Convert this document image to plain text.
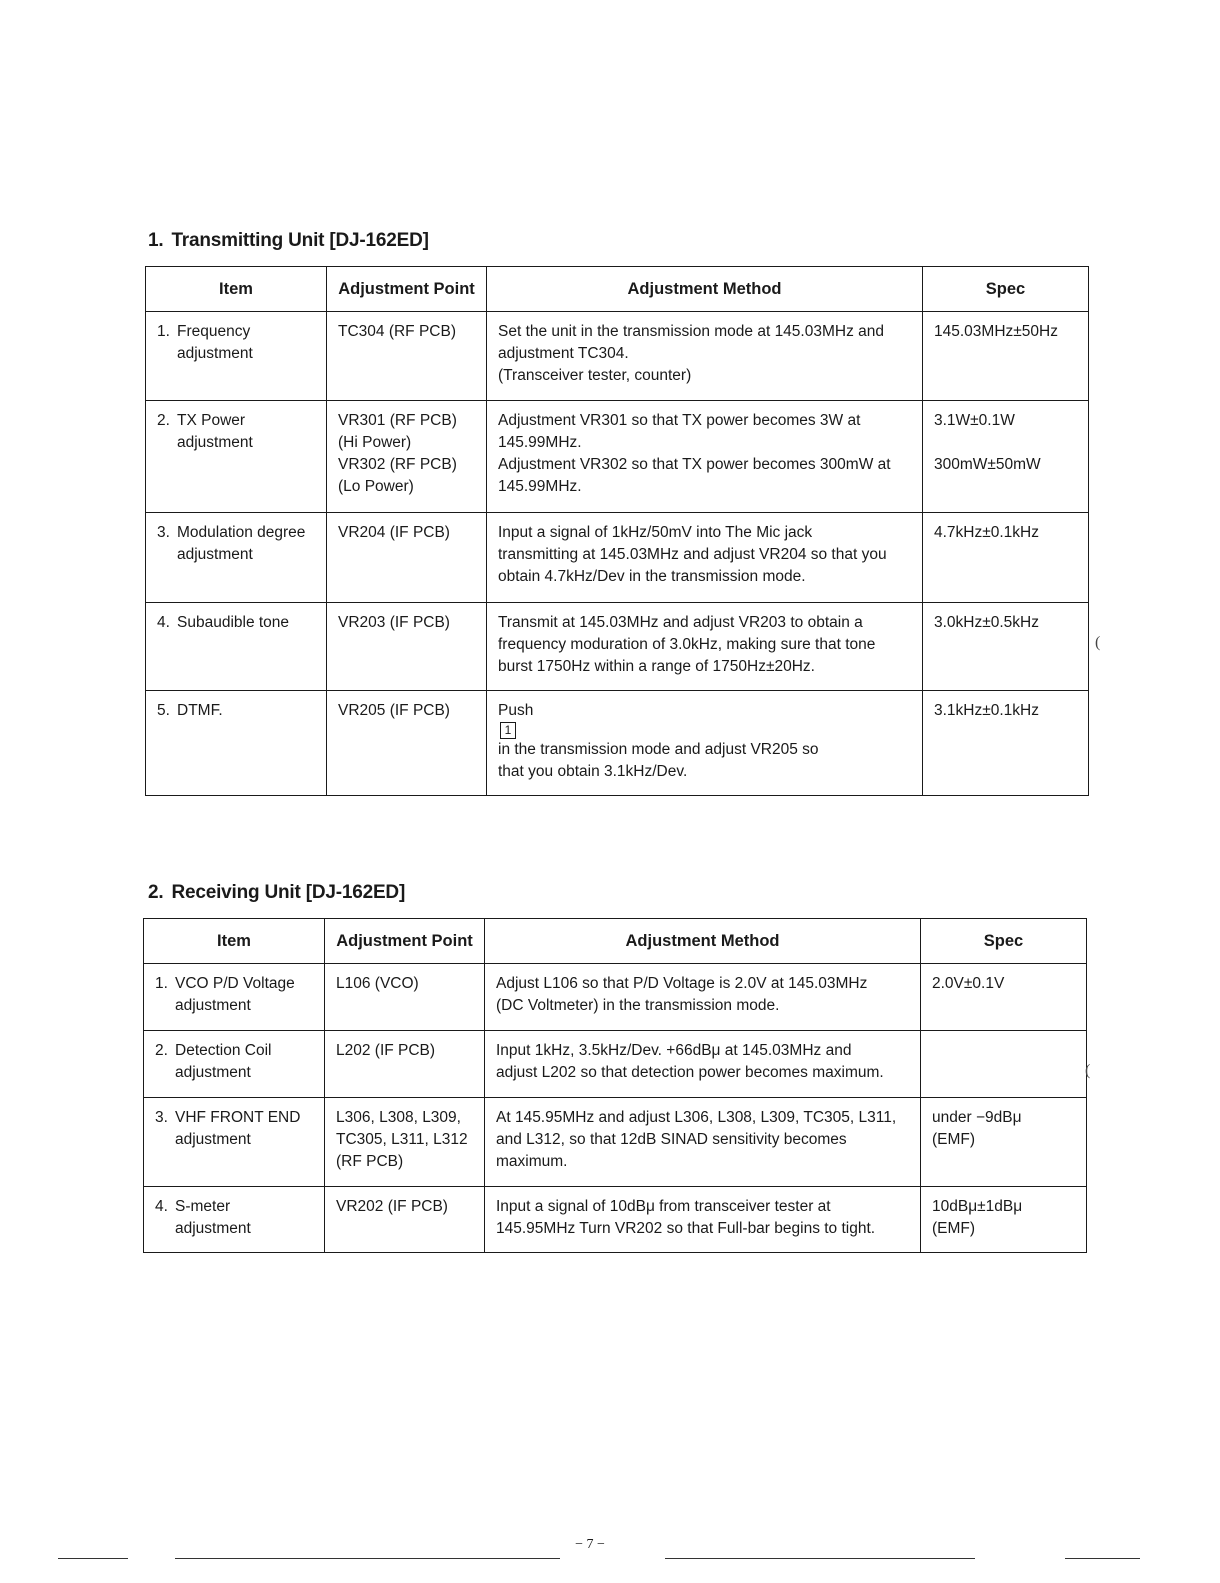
1. Transmitting Unit [DJ-162ED]
Item	Adjustment Point	Adjustment Method	Spec

1. Frequency
adjustment	TC304 (RF PCB)	Set the unit in the transmission mode at 145.03MHz and
adjustment TC304.
(Transceiver tester, counter)	145.03MHz±50Hz

2. TX Power
adjustment	VR301 (RF PCB)
(Hi Power)
VR302 (RF PCB)
(Lo Power)	Adjustment VR301 so that TX power becomes 3W at
145.99MHz.
Adjustment VR302 so that TX power becomes 300mW at
145.99MHz.	3.1W±0.1W
300mW±50mW

3. Modulation degree
adjustment	VR204 (IF PCB)	Input a signal of 1kHz/50mV into The Mic jack
transmitting at 145.03MHz and adjust VR204 so that you
obtain 4.7kHz/Dev in the transmission mode.	4.7kHz±0.1kHz

4. Subaudible tone	VR203 (IF PCB)	Transmit at 145.03MHz and adjust VR203 to obtain a
frequency moduration of 3.0kHz, making sure that tone
burst 1750Hz within a range of 1750Hz±20Hz.	3.0kHz±0.5kHz

5. DTMF.	VR205 (IF PCB)	Push
1
in the transmission mode and adjust VR205 so
that you obtain 3.1kHz/Dev.	3.1kHz±0.1kHz
2. Receiving Unit [DJ-162ED]
Item	Adjustment Point	Adjustment Method	Spec

1. VCO P/D Voltage
adjustment	L106 (VCO)	Adjust L106 so that P/D Voltage is 2.0V at 145.03MHz
(DC Voltmeter) in the transmission mode.	2.0V±0.1V

2. Detection Coil
adjustment	L202 (IF PCB)	Input 1kHz, 3.5kHz/Dev. +66dBμ at 145.03MHz and
adjust L202 so that detection power becomes maximum.	

3. VHF FRONT END
adjustment	L306, L308, L309,
TC305, L311, L312
(RF PCB)	At 145.95MHz and adjust L306, L308, L309, TC305, L311,
and L312, so that 12dB SINAD sensitivity becomes
maximum.	under −9dBμ
(EMF)

4. S-meter
adjustment	VR202 (IF PCB)	Input a signal of 10dBμ from transceiver tester at
145.95MHz Turn VR202 so that Full-bar begins to tight.	10dBμ±1dBμ
(EMF)
(
(
− 7 −
